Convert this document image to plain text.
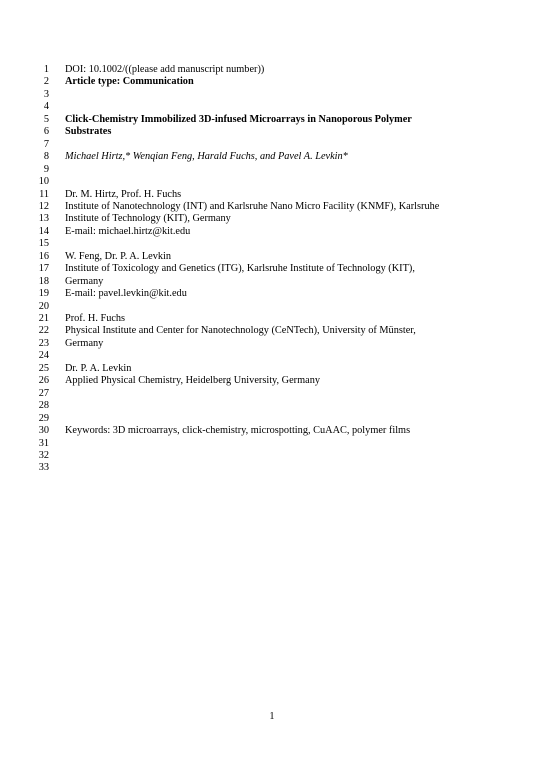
1 DOI: 10.1002/((please add manuscript number))
2 Article type: Communication
3
4
5 Click-Chemistry Immobilized 3D-infused Microarrays in Nanoporous Polymer
6 Substrates
7
8 Michael Hirtz,* Wenqian Feng, Harald Fuchs, and Pavel A. Levkin*
9
10
11 Dr. M. Hirtz, Prof. H. Fuchs
12 Institute of Nanotechnology (INT) and Karlsruhe Nano Micro Facility (KNMF), Karlsruhe
13 Institute of Technology (KIT), Germany
14 E-mail: michael.hirtz@kit.edu
15
16 W. Feng, Dr. P. A. Levkin
17 Institute of Toxicology and Genetics (ITG), Karlsruhe Institute of Technology (KIT),
18 Germany
19 E-mail: pavel.levkin@kit.edu
20
21 Prof. H. Fuchs
22 Physical Institute and Center for Nanotechnology (CeNTech), University of Münster,
23 Germany
24
25 Dr. P. A. Levkin
26 Applied Physical Chemistry, Heidelberg University, Germany
27
28
29
30 Keywords: 3D microarrays, click-chemistry, microspotting, CuAAC, polymer films
31
32
33
1
